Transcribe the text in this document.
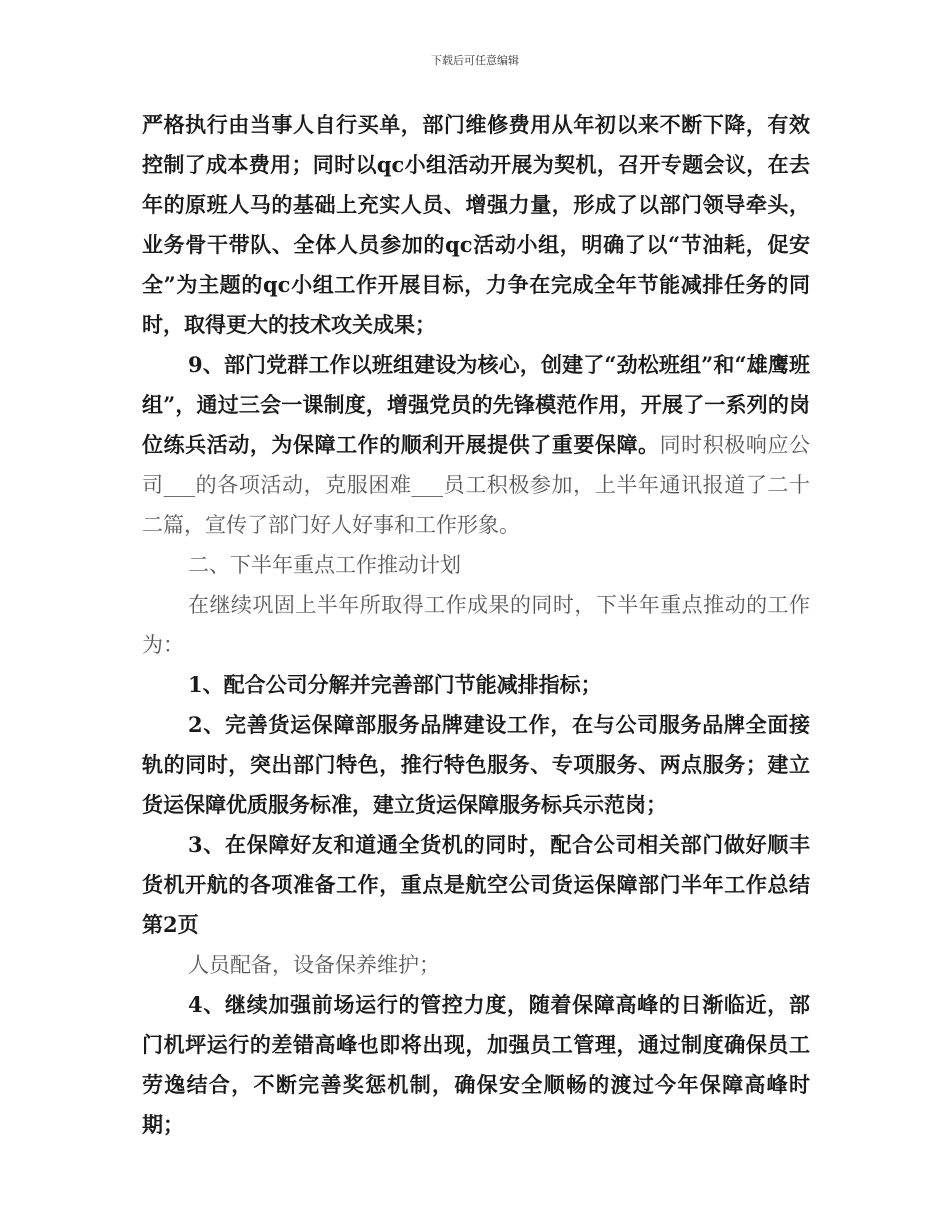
下载后可任意编辑

严格执行由当事人自行买单，部门维修费用从年初以来不断下降，有效控制了成本费用；同时以qc小组活动开展为契机，召开专题会议，在去年的原班人马的基础上充实人员、增强力量，形成了以部门领导牵头，业务骨干带队、全体人员参加的qc活动小组，明确了以“节油耗，促安全”为主题的qc小组工作开展目标，力争在完成全年节能减排任务的同时，取得更大的技术攻关成果；

9、部门党群工作以班组建设为核心，创建了“劲松班组”和“雄鹰班组”，通过三会一课制度，增强党员的先锋模范作用，开展了一系列的岗位练兵活动，为保障工作的顺利开展提供了重要保障。同时积极响应公司___的各项活动，克服困难___员工积极参加，上半年通讯报道了二十二篇，宣传了部门好人好事和工作形象。

二、下半年重点工作推动计划

在继续巩固上半年所取得工作成果的同时，下半年重点推动的工作为：

1、配合公司分解并完善部门节能减排指标；

2、完善货运保障部服务品牌建设工作，在与公司服务品牌全面接轨的同时，突出部门特色，推行特色服务、专项服务、两点服务；建立货运保障优质服务标准，建立货运保障服务标兵示范岗；

3、在保障好友和道通全货机的同时，配合公司相关部门做好顺丰货机开航的各项准备工作，重点是航空公司货运保障部门半年工作总结第2页

人员配备，设备保养维护；

4、继续加强前场运行的管控力度，随着保障高峰的日渐临近，部门机坪运行的差错高峰也即将出现，加强员工管理，通过制度确保员工劳逸结合，不断完善奖惩机制，确保安全顺畅的渡过今年保障高峰时期；
